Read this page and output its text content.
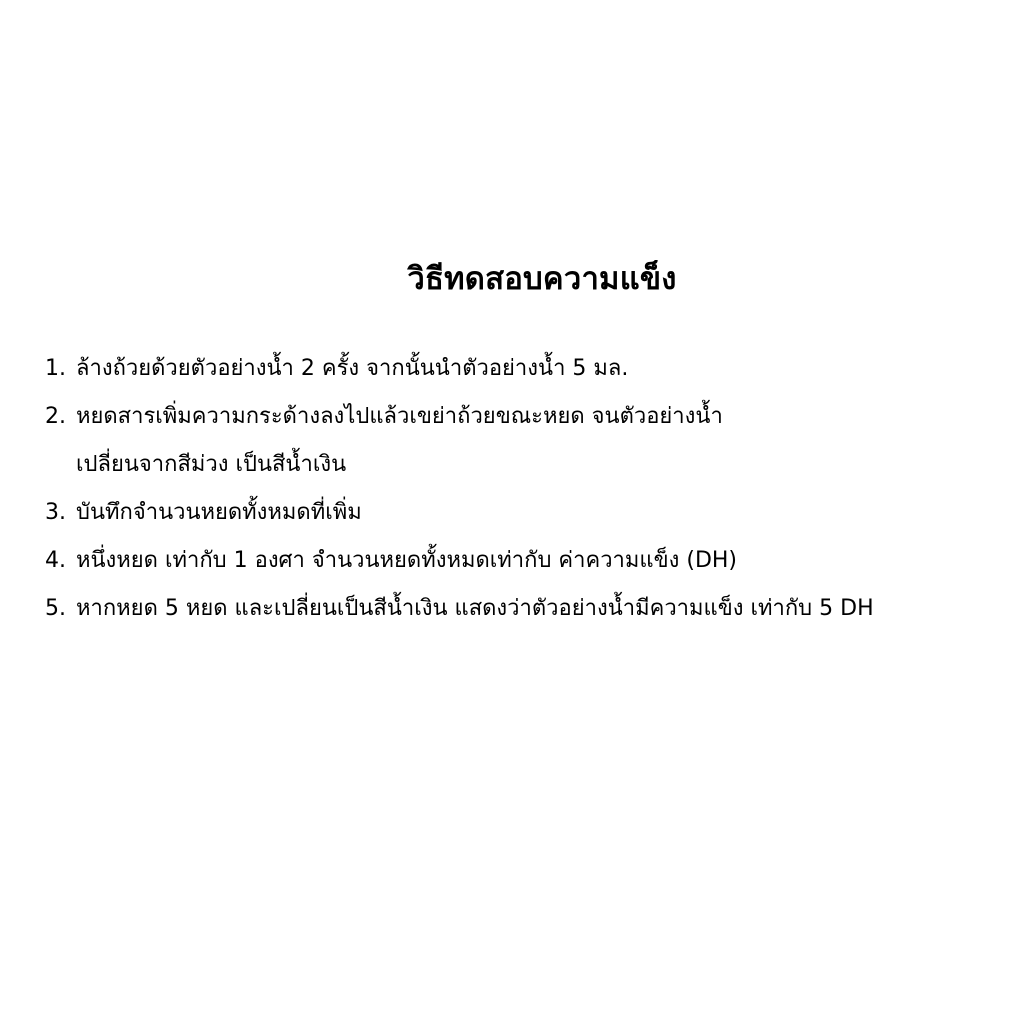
วิธีทดสอบความแข็ง
1. ล้างถ้วยด้วยตัวอย่างน้ำ 2 ครั้ง จากนั้นนำตัวอย่างน้ำ 5 มล.
2. หยดสารเพิ่มความกระด้างลงไปแล้วเขย่าถ้วยขณะหยด จนตัวอย่างน้ำ
เปลี่ยนจากสีม่วง เป็นสีน้ำเงิน
3. บันทึกจำนวนหยดทั้งหมดที่เพิ่ม
4. หนึ่งหยด เท่ากับ 1 องศา จำนวนหยดทั้งหมดเท่ากับ ค่าความแข็ง (DH)
5. หากหยด 5 หยด และเปลี่ยนเป็นสีน้ำเงิน แสดงว่าตัวอย่างน้ำมีความแข็ง เท่ากับ 5 DH
